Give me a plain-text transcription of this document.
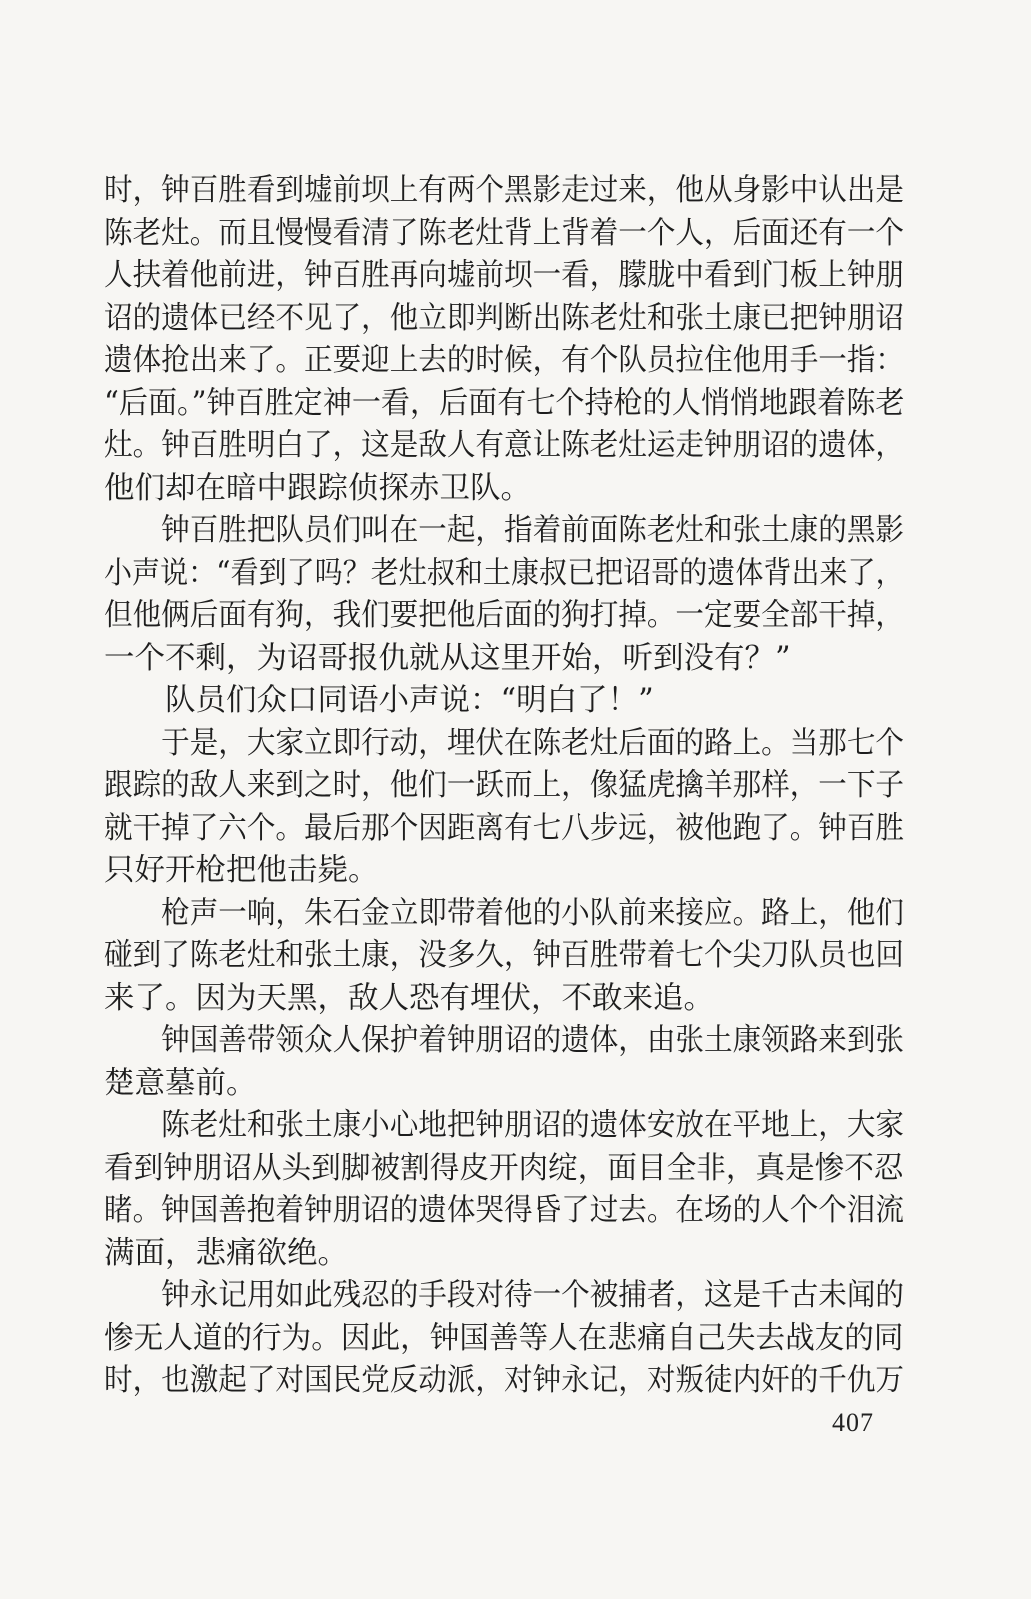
时，钟百胜看到墟前坝上有两个黑影走过来，他从身影中认出是
陈老灶。而且慢慢看清了陈老灶背上背着一个人，后面还有一个
人扶着他前进，钟百胜再向墟前坝一看，朦胧中看到门板上钟朋
诏的遗体已经不见了，他立即判断出陈老灶和张土康已把钟朋诏
遗体抢出来了。正要迎上去的时候，有个队员拉住他用手一指：
“后面。”钟百胜定神一看，后面有七个持枪的人悄悄地跟着陈老
灶。钟百胜明白了，这是敌人有意让陈老灶运走钟朋诏的遗体，
他们却在暗中跟踪侦探赤卫队。
　　钟百胜把队员们叫在一起，指着前面陈老灶和张土康的黑影
小声说：“看到了吗？老灶叔和土康叔已把诏哥的遗体背出来了，
但他俩后面有狗，我们要把他后面的狗打掉。一定要全部干掉，
一个不剩，为诏哥报仇就从这里开始，听到没有？”
　　队员们众口同语小声说：“明白了！”
　　于是，大家立即行动，埋伏在陈老灶后面的路上。当那七个
跟踪的敌人来到之时，他们一跃而上，像猛虎擒羊那样，一下子
就干掉了六个。最后那个因距离有七八步远，被他跑了。钟百胜
只好开枪把他击毙。
　　枪声一响，朱石金立即带着他的小队前来接应。路上，他们
碰到了陈老灶和张土康，没多久，钟百胜带着七个尖刀队员也回
来了。因为天黑，敌人恐有埋伏，不敢来追。
　　钟国善带领众人保护着钟朋诏的遗体，由张土康领路来到张
楚意墓前。
　　陈老灶和张土康小心地把钟朋诏的遗体安放在平地上，大家
看到钟朋诏从头到脚被割得皮开肉绽，面目全非，真是惨不忍
睹。钟国善抱着钟朋诏的遗体哭得昏了过去。在场的人个个泪流
满面，悲痛欲绝。
　　钟永记用如此残忍的手段对待一个被捕者，这是千古未闻的
惨无人道的行为。因此，钟国善等人在悲痛自己失去战友的同
时，也激起了对国民党反动派，对钟永记，对叛徒内奸的千仇万
407
